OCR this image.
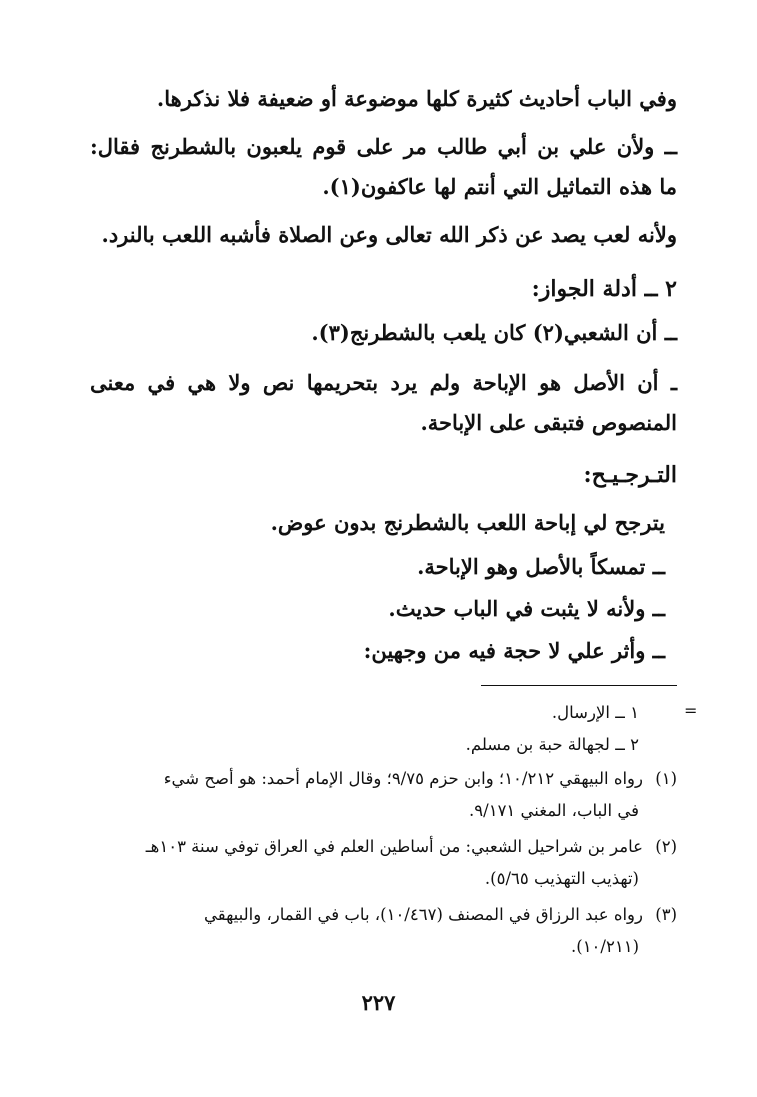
وفي الباب أحاديث كثيرة كلها موضوعة أو ضعيفة فلا نذكرها.
ــ ولأن علي بن أبي طالب مر على قوم يلعبون بالشطرنج فقال:
ما هذه التماثيل التي أنتم لها عاكفون(١).
ولأنه لعب يصد عن ذكر الله تعالى وعن الصلاة فأشبه اللعب بالنرد.
٢ ــ أدلة الجواز:
ــ أن الشعبي(٢) كان يلعب بالشطرنج(٣).
ـ أن الأصل هو الإباحة ولم يرد بتحريمها نص ولا هي في معنى
المنصوص فتبقى على الإباحة.
التـرجـيـح:
يترجح لي إباحة اللعب بالشطرنج بدون عوض.
ــ تمسكاً بالأصل وهو الإباحة.
ــ ولأنه لا يثبت في الباب حديث.
ــ وأثر علي لا حجة فيه من وجهين:
=
١ ــ الإرسال.
٢ ــ لجهالة حبة بن مسلم.
(١)رواه البيهقي ١٠/٢١٢؛ وابن حزم ٩/٧٥؛ وقال الإمام أحمد: هو أصح شيء
في الباب، المغني ٩/١٧١.
(٢)عامر بن شراحيل الشعبي: من أساطين العلم في العراق توفي سنة ١٠٣هـ
(تهذيب التهذيب ٥/٦٥).
(٣)رواه عبد الرزاق في المصنف (١٠/٤٦٧)، باب في القمار، والبيهقي
(١٠/٢١١).
٢٢٧
